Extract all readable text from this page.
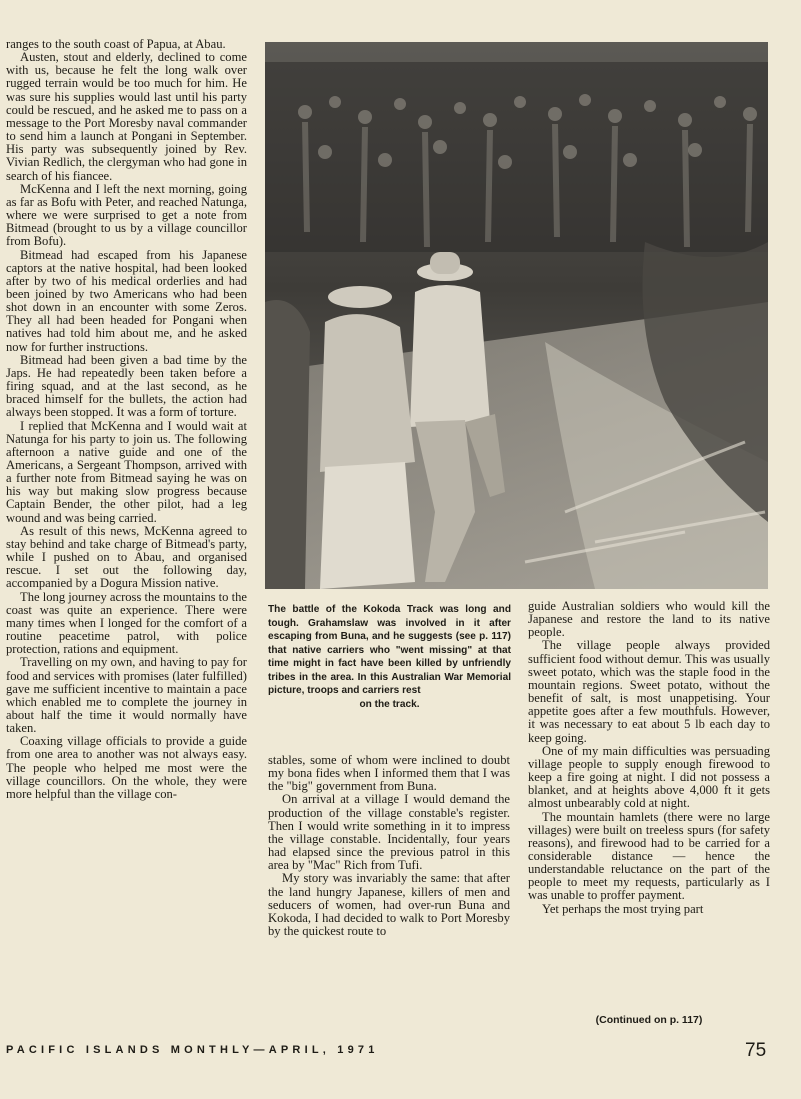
ranges to the south coast of Papua, at Abau.

Austen, stout and elderly, declined to come with us, because he felt the long walk over rugged terrain would be too much for him. He was sure his supplies would last until his party could be rescued, and he asked me to pass on a message to the Port Moresby naval commander to send him a launch at Pongani in September. His party was subsequently joined by Rev. Vivian Redlich, the clergyman who had gone in search of his fiancee.

McKenna and I left the next morning, going as far as Bofu with Peter, and reached Natunga, where we were surprised to get a note from Bitmead (brought to us by a village councillor from Bofu).

Bitmead had escaped from his Japanese captors at the native hospital, had been looked after by two of his medical orderlies and had been joined by two Americans who had been shot down in an encounter with some Zeros. They all had been headed for Pongani when natives had told him about me, and he asked now for further instructions.

Bitmead had been given a bad time by the Japs. He had repeatedly been taken before a firing squad, and at the last second, as he braced himself for the bullets, the action had always been stopped. It was a form of torture.

I replied that McKenna and I would wait at Natunga for his party to join us. The following afternoon a native guide and one of the Americans, a Sergeant Thompson, arrived with a further note from Bitmead saying he was on his way but making slow progress because Captain Bender, the other pilot, had a leg wound and was being carried.

As result of this news, McKenna agreed to stay behind and take charge of Bitmead's party, while I pushed on to Abau, and organised rescue. I set out the following day, accompanied by a Dogura Mission native.

The long journey across the mountains to the coast was quite an experience. There were many times when I longed for the comfort of a routine peacetime patrol, with police protection, rations and equipment.

Travelling on my own, and having to pay for food and services with promises (later fulfilled) gave me sufficient incentive to maintain a pace which enabled me to complete the journey in about half the time it would normally have taken.

Coaxing village officials to provide a guide from one area to another was not always easy. The people who helped me most were the village councillors. On the whole, they were more helpful than the village con-

The battle of the Kokoda Track was long and tough. Grahamslaw was involved in it after escaping from Buna, and he suggests (see p. 117) that native carriers who "went missing" at that time might in fact have been killed by unfriendly tribes in the area. In this Australian War Memorial picture, troops and carriers rest
on the track.

stables, some of whom were inclined to doubt my bona fides when I informed them that I was the "big" government from Buna.

On arrival at a village I would demand the production of the village constable's register. Then I would write something in it to impress the village constable. Incidentally, four years had elapsed since the previous patrol in this area by "Mac" Rich from Tufi.

My story was invariably the same: that after the land hungry Japanese, killers of men and seducers of women, had over-run Buna and Kokoda, I had decided to walk to Port Moresby by the quickest route to

guide Australian soldiers who would kill the Japanese and restore the land to its native people.

The village people always provided sufficient food without demur. This was usually sweet potato, which was the staple food in the mountain regions. Sweet potato, without the benefit of salt, is most unappetising. Your appetite goes after a few mouthfuls. However, it was necessary to eat about 5 lb each day to keep going.

One of my main difficulties was persuading village people to supply enough firewood to keep a fire going at night. I did not possess a blanket, and at heights above 4,000 ft it gets almost unbearably cold at night.

The mountain hamlets (there were no large villages) were built on treeless spurs (for safety reasons), and firewood had to be carried for a considerable distance — hence the understandable reluctance on the part of the people to meet my requests, particularly as I was unable to proffer payment.

Yet perhaps the most trying part

(Continued on p. 117)
PACIFIC ISLANDS MONTHLY—APRIL, 1971	75
